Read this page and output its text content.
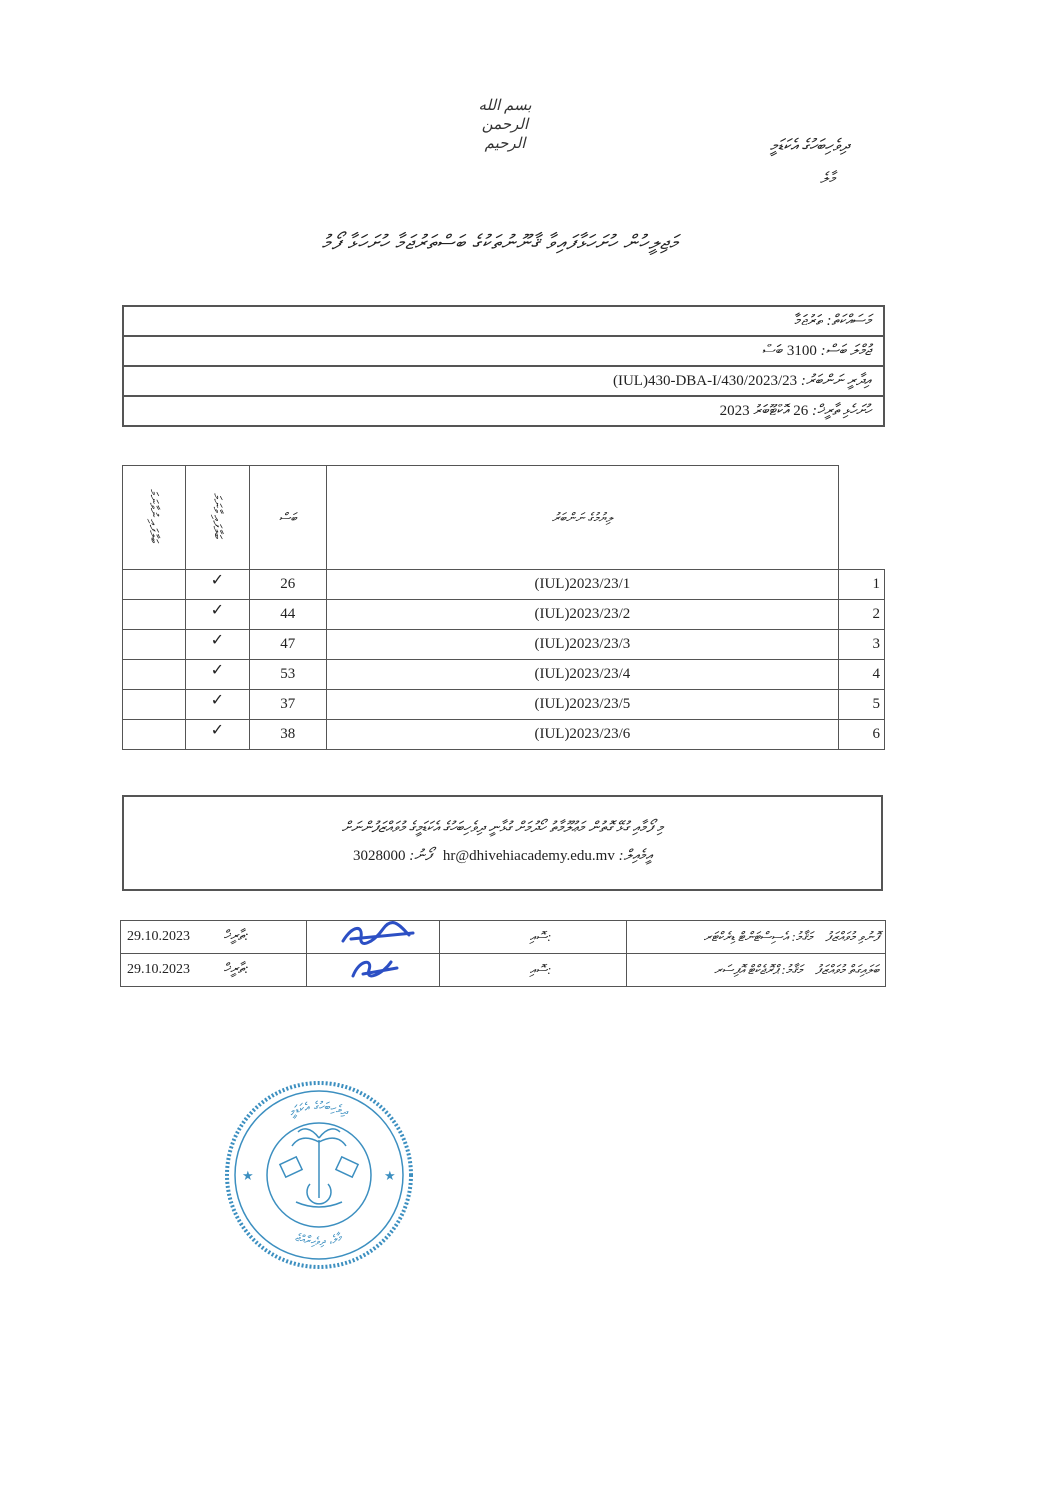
بسم الله الرحمن الرحيم	ދިވެހިބަހުގެ އެކަޑަމީ
މާލެ
މަޖިލީހުން ހުށަހަޅާފައިވާ ޤާނޫނުތަކުގެ ބަސްތަރުޖަމާ ހުށަހަޅާ ފޯމު
މަސައްކަތް: ތަރުޖަމާ
ޖުމްލަ ބަސް: 3100 ބަސް
އިދާރީ ނަންބަރު: (IUL)430-DBA-I/430/2023/23
ހުށަހެޅި ތާރީޚް: 26 އޮކްޓޫބަރު 2023
ބަލާފައި ނުވާނަމަ	ބަލާފައި ވާނަމަ	ބަސް	ލިޔުމުގެ ނަންބަރު	
	✓	26	(IUL)2023/23/1	1
	✓	44	(IUL)2023/23/2	2
	✓	47	(IUL)2023/23/3	3
	✓	53	(IUL)2023/23/4	4
	✓	37	(IUL)2023/23/5	5
	✓	38	(IUL)2023/23/6	6
މި ފޯމާއި ގުޅޭ ގޮތުން މަޢުލޫމާތު ހޯދުމަށް ގުޅާނީ ދިވެހިބަހުގެ އެކަޑަމީގެ މުވައްޒަފުންނަށް
އީމެއިލް: hr@dhivehiacademy.edu.mv   ފޯނު: 3028000
29.10.2023 ތާރީޚް:		ސޮއި:	ފޮނުވި މުވައްޒަފު    މަޤާމު: އެސިސްޓަންޓް ޑިރެކްޓަރ
29.10.2023 ތާރީޚް:		ސޮއި:	ބަލައިގަތް މުވައްޒަފު    މަޤާމު: ޕްރޮޖެކްޓް އޮފިސަރ
ދިވެހިބަހުގެ އެކަޑަމީ
މާލެ، ދިވެހިރާއްޖެ
★	★
